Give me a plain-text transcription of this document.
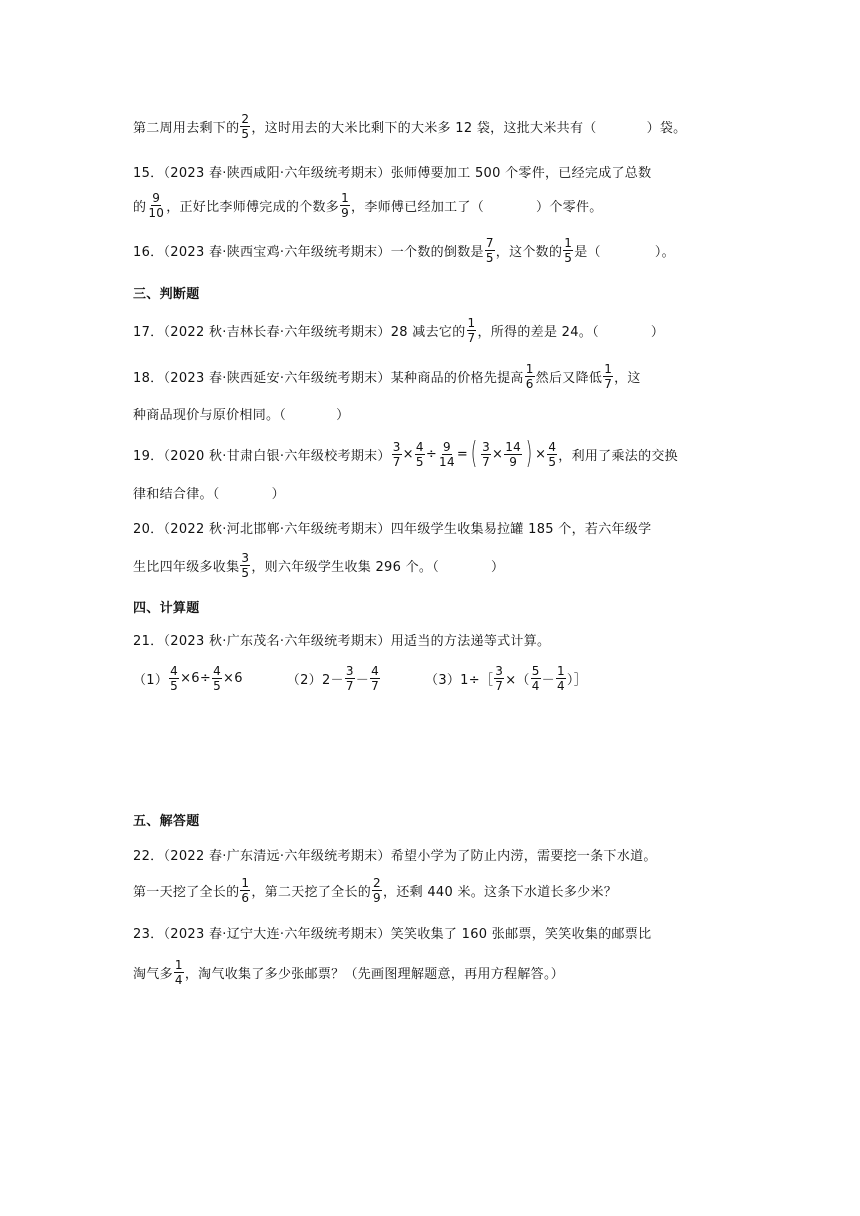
第二周用去剩下的 $\frac{2}{5}$ ，这时用去的大米比剩下的大米多 12 袋，这批大米共有（	）袋。
15．（2023 春·陕西咸阳·六年级统考期末）张师傅要加工 500 个零件，已经完成了总数
的 $\frac{9}{10}$ ，正好比李师傅完成的个数多 $\frac{1}{9}$ ，李师傅已经加工了（	）个零件。
16．（2023 春·陕西宝鸡·六年级统考期末）一个数的倒数是 $\frac{7}{5}$ ，这个数的 $\frac{1}{5}$ 是（	）。
三、判断题
17．（2022 秋·吉林长春·六年级统考期末）28 减去它的 $\frac{1}{7}$ ，所得的差是 24。（	）
18．（2023 春·陕西延安·六年级统考期末）某种商品的价格先提高 $\frac{1}{6}$ 然后又降低 $\frac{1}{7}$ ，这
种商品现价与原价相同。（	）
19．（2020 秋·甘肃白银·六年级校考期末） $\frac{3}{7} \times \frac{4}{5} \div \frac{9}{14}$ = ( $\frac{3}{7} \times \frac{14}{9}$ ) × $\frac{4}{5}$ ，利用了乘法的交换
律和结合律。（	）
20．（2022 秋·河北邯郸·六年级统考期末）四年级学生收集易拉罐 185 个，若六年级学
生比四年级多收集 $\frac{3}{5}$ ，则六年级学生收集 296 个。（	）
四、计算题
21．（2023 秋·广东茂名·六年级统考期末）用适当的方法递等式计算。
$(1) \frac{4}{5} \times 6\div \frac{4}{5} \times 6$	$(2)2- \frac{3}{7} - \frac{4}{7}$	（3）1÷［ $\frac{3}{7}$ ×（ $\frac{5}{4} - \frac{1}{4}$ ）］
五、解答题
22．（2022 春·广东清远·六年级统考期末）希望小学为了防止内涝，需要挖一条下水道。
第一天挖了全长的 $\frac{1}{6}$ ，第二天挖了全长的 $\frac{2}{9}$ ，还剩 440 米。这条下水道长多少米？
23．（2023 春·辽宁大连·六年级统考期末）笑笑收集了 160 张邮票，笑笑收集的邮票比
淘气多 $\frac{1}{4}$ ，淘气收集了多少张邮票？（先画图理解题意，再用方程解答。）
